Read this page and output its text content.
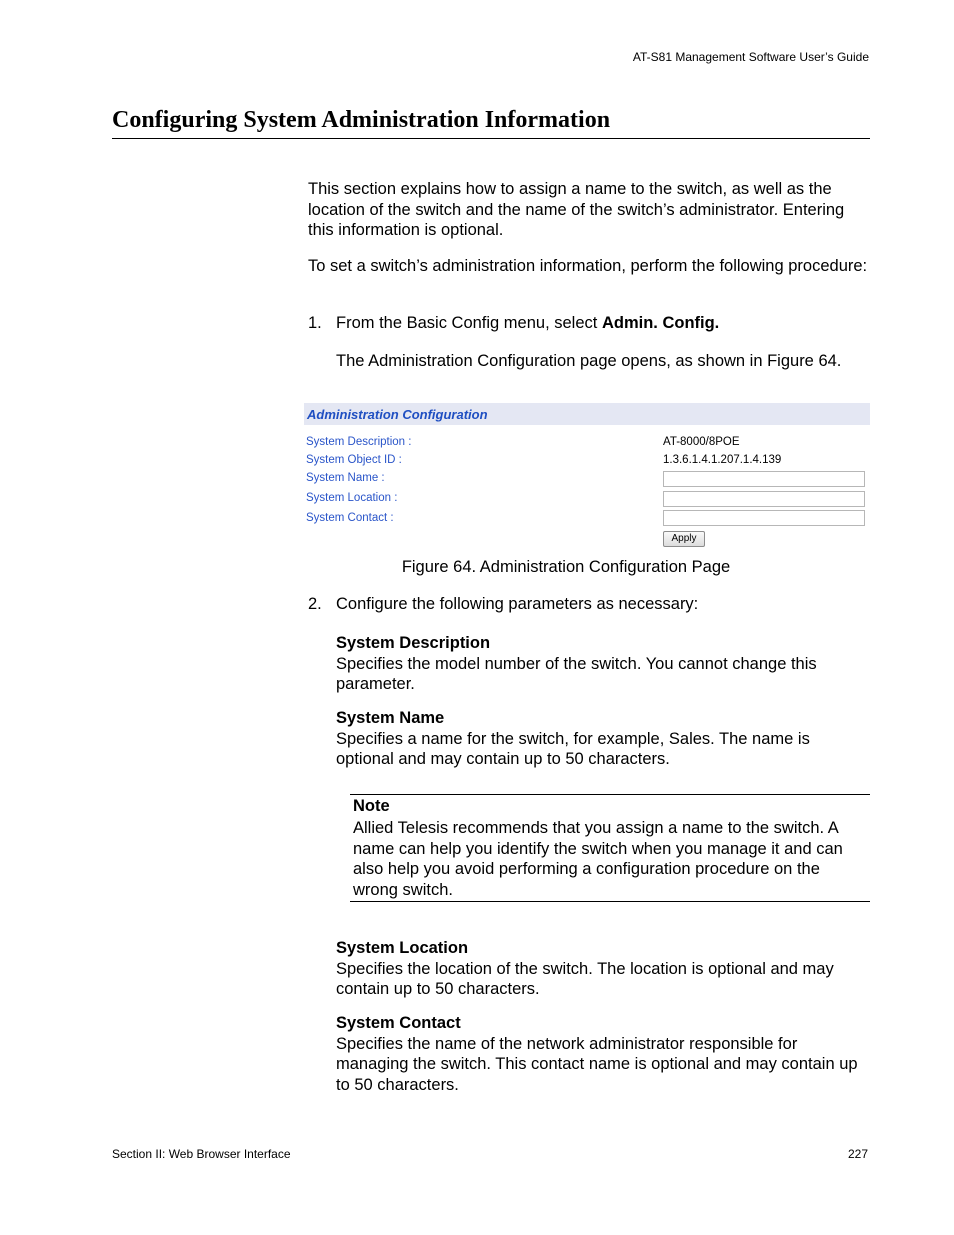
AT-S81 Management Software User’s Guide
Configuring System Administration Information
This section explains how to assign a name to the switch, as well as the location of the switch and the name of the switch’s administrator. Entering this information is optional.
To set a switch’s administration information, perform the following procedure:
1. From the Basic Config menu, select Admin. Config.
The Administration Configuration page opens, as shown in Figure 64.
Administration Configuration
System Description :	AT-8000/8POE
System Object ID :	1.3.6.1.4.1.207.1.4.139
System Name :
System Location :
System Contact :
Apply
Figure 64. Administration Configuration Page
2. Configure the following parameters as necessary:
System Description
Specifies the model number of the switch. You cannot change this parameter.
System Name
Specifies a name for the switch, for example, Sales. The name is optional and may contain up to 50 characters.
Note
Allied Telesis recommends that you assign a name to the switch. A name can help you identify the switch when you manage it and can also help you avoid performing a configuration procedure on the wrong switch.
System Location
Specifies the location of the switch. The location is optional and may contain up to 50 characters.
System Contact
Specifies the name of the network administrator responsible for managing the switch. This contact name is optional and may contain up to 50 characters.
Section II: Web Browser Interface	227
